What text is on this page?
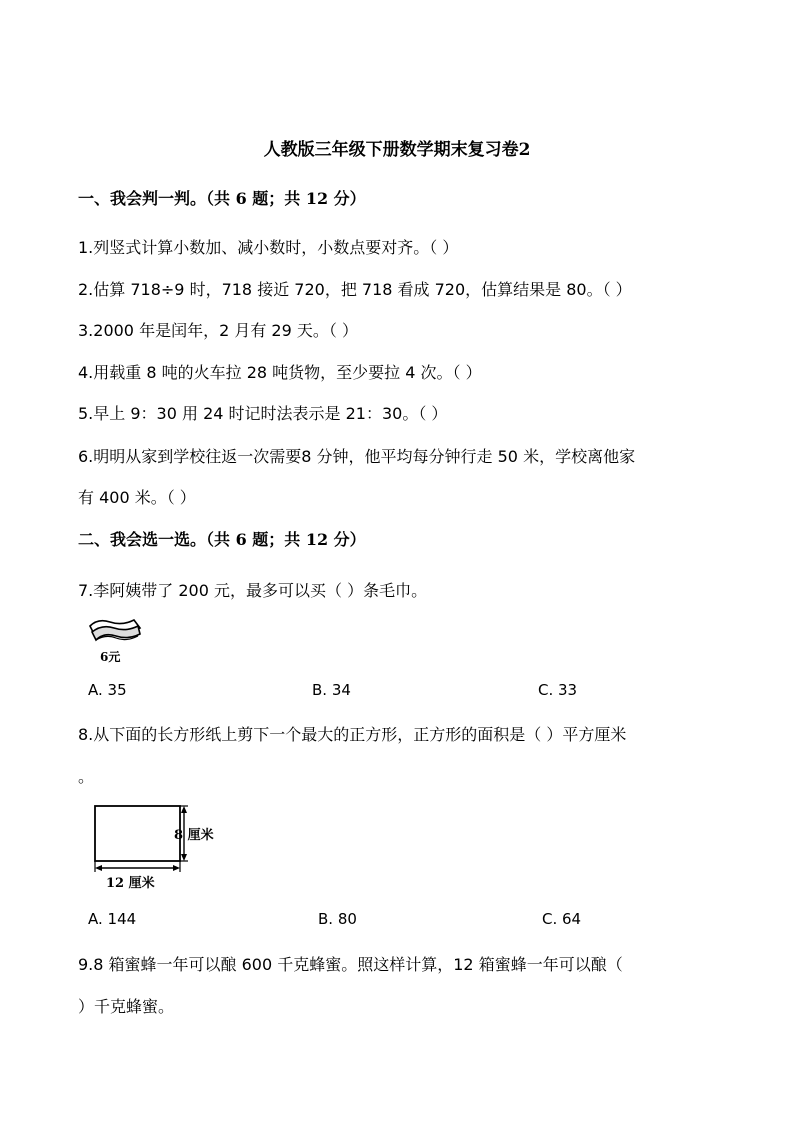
人教版三年级下册数学期末复习卷2
一、我会判一判。（共 6 题；共 12 分）
1.列竖式计算小数加、减小数时，小数点要对齐。（ ）
2.估算 718÷9 时，718 接近 720，把 718 看成 720，估算结果是 80。（ ）
3.2000 年是闰年，2 月有 29 天。（ ）
4.用载重 8 吨的火车拉 28 吨货物，至少要拉 4 次。（ ）
5.早上 9：30 用 24 时记时法表示是 21：30。（ ）
6.明明从家到学校往返一次需要8 分钟，他平均每分钟行走 50 米，学校离他家
有 400 米。（ ）
二、我会选一选。（共 6 题；共 12 分）
7.李阿姨带了 200 元，最多可以买（ ）条毛巾。
6元
A. 35	B. 34	C. 33
8.从下面的长方形纸上剪下一个最大的正方形，正方形的面积是（ ）平方厘米
。
8 厘米
12 厘米
A. 144	B. 80	C. 64
9.8 箱蜜蜂一年可以酿 600 千克蜂蜜。照这样计算，12 箱蜜蜂一年可以酿（
）千克蜂蜜。
